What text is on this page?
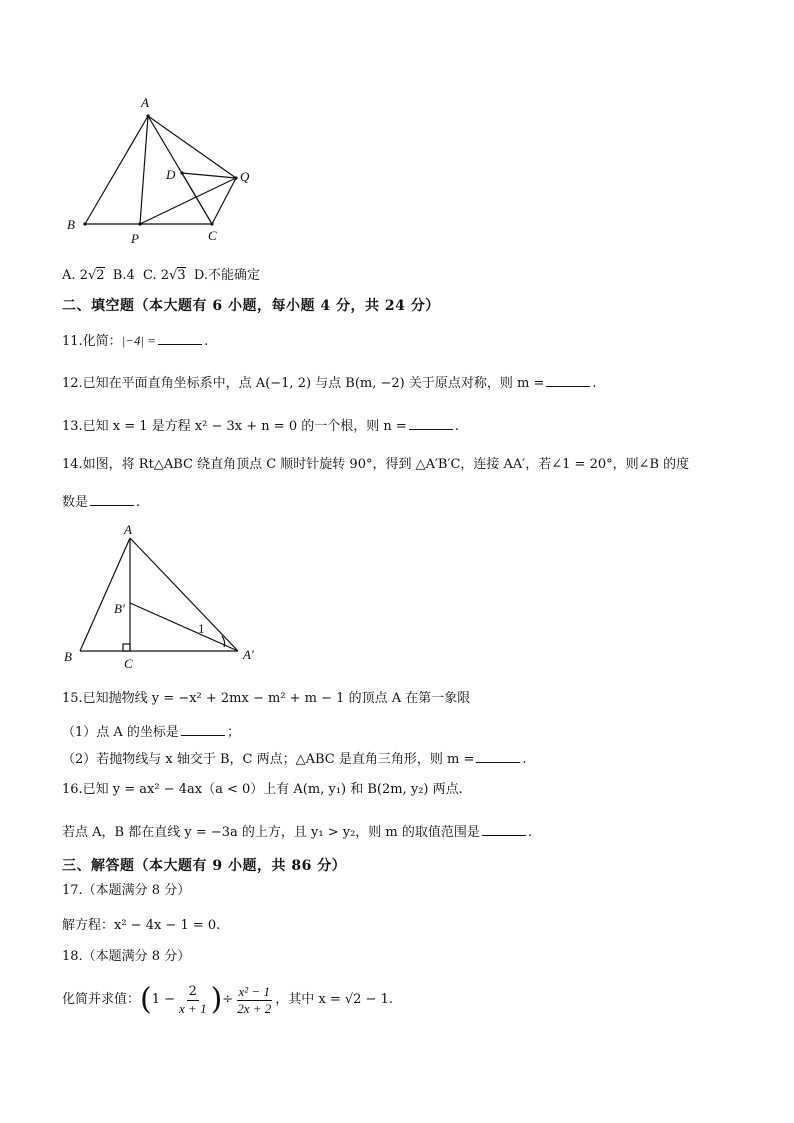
A
B
P	C
D	Q
A. 2√2 B.4 C. 2√3 D.不能确定
二、填空题（本大题有 6 小题，每小题 4 分，共 24 分）
11.化简：|−4| =	.
12.已知在平面直角坐标系中，点 A(−1, 2) 与点 B(m, −2) 关于原点对称，则 m =	.
13.已知 x = 1 是方程 x² − 3x + n = 0 的一个根，则 n =	.
14.如图，将 Rt△ABC 绕直角顶点 C 顺时针旋转 90°，得到 △A′B′C，连接 AA′，若∠1 = 20°，则∠B 的度
数是	.
A
B	C
A′
B′
1
15.已知抛物线 y = −x² + 2mx − m² + m − 1 的顶点 A 在第一象限
（1）点 A 的坐标是	；
（2）若抛物线与 x 轴交于 B，C 两点；△ABC 是直角三角形，则 m =	.
16.已知 y = ax² − 4ax（a < 0）上有 A(m, y₁) 和 B(2m, y₂) 两点.
若点 A，B 都在直线 y = −3a 的上方，且 y₁ > y₂，则 m 的取值范围是	.
三、解答题（本大题有 9 小题，共 86 分）
17.（本题满分 8 分）
解方程：x² − 4x − 1 = 0.
18.（本题满分 8 分）
化简并求值： ( $1 - \frac{2}{x + 1}$ ) ÷ $\frac{\text{x² − 1}}{2x + 2}$ ，其中 x = √2 − 1.
